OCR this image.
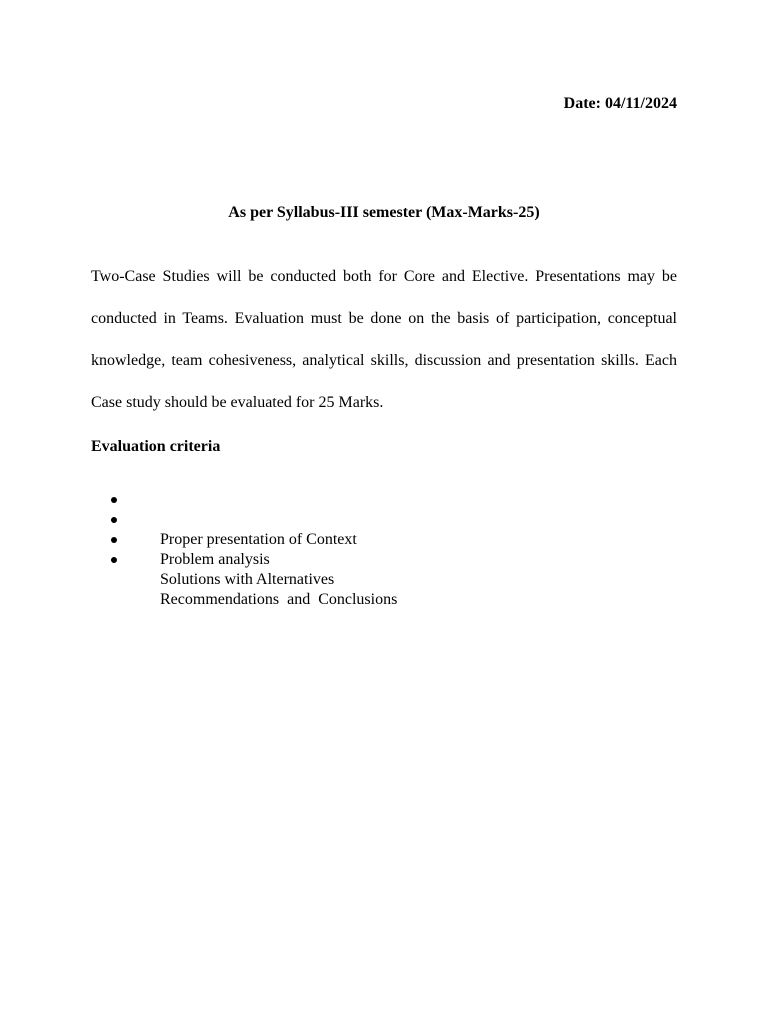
Date: 04/11/2024
As per Syllabus-III semester (Max-Marks-25)

Two-Case Studies will be conducted both for Core and Elective. Presentations may be conducted in Teams. Evaluation must be done on the basis of participation, conceptual knowledge, team cohesiveness, analytical skills, discussion and presentation skills. Each Case study should be evaluated for 25 Marks.

Evaluation criteria

Proper presentation of Context

Problem analysis

Solutions with Alternatives

Recommendations  and  Conclusions
